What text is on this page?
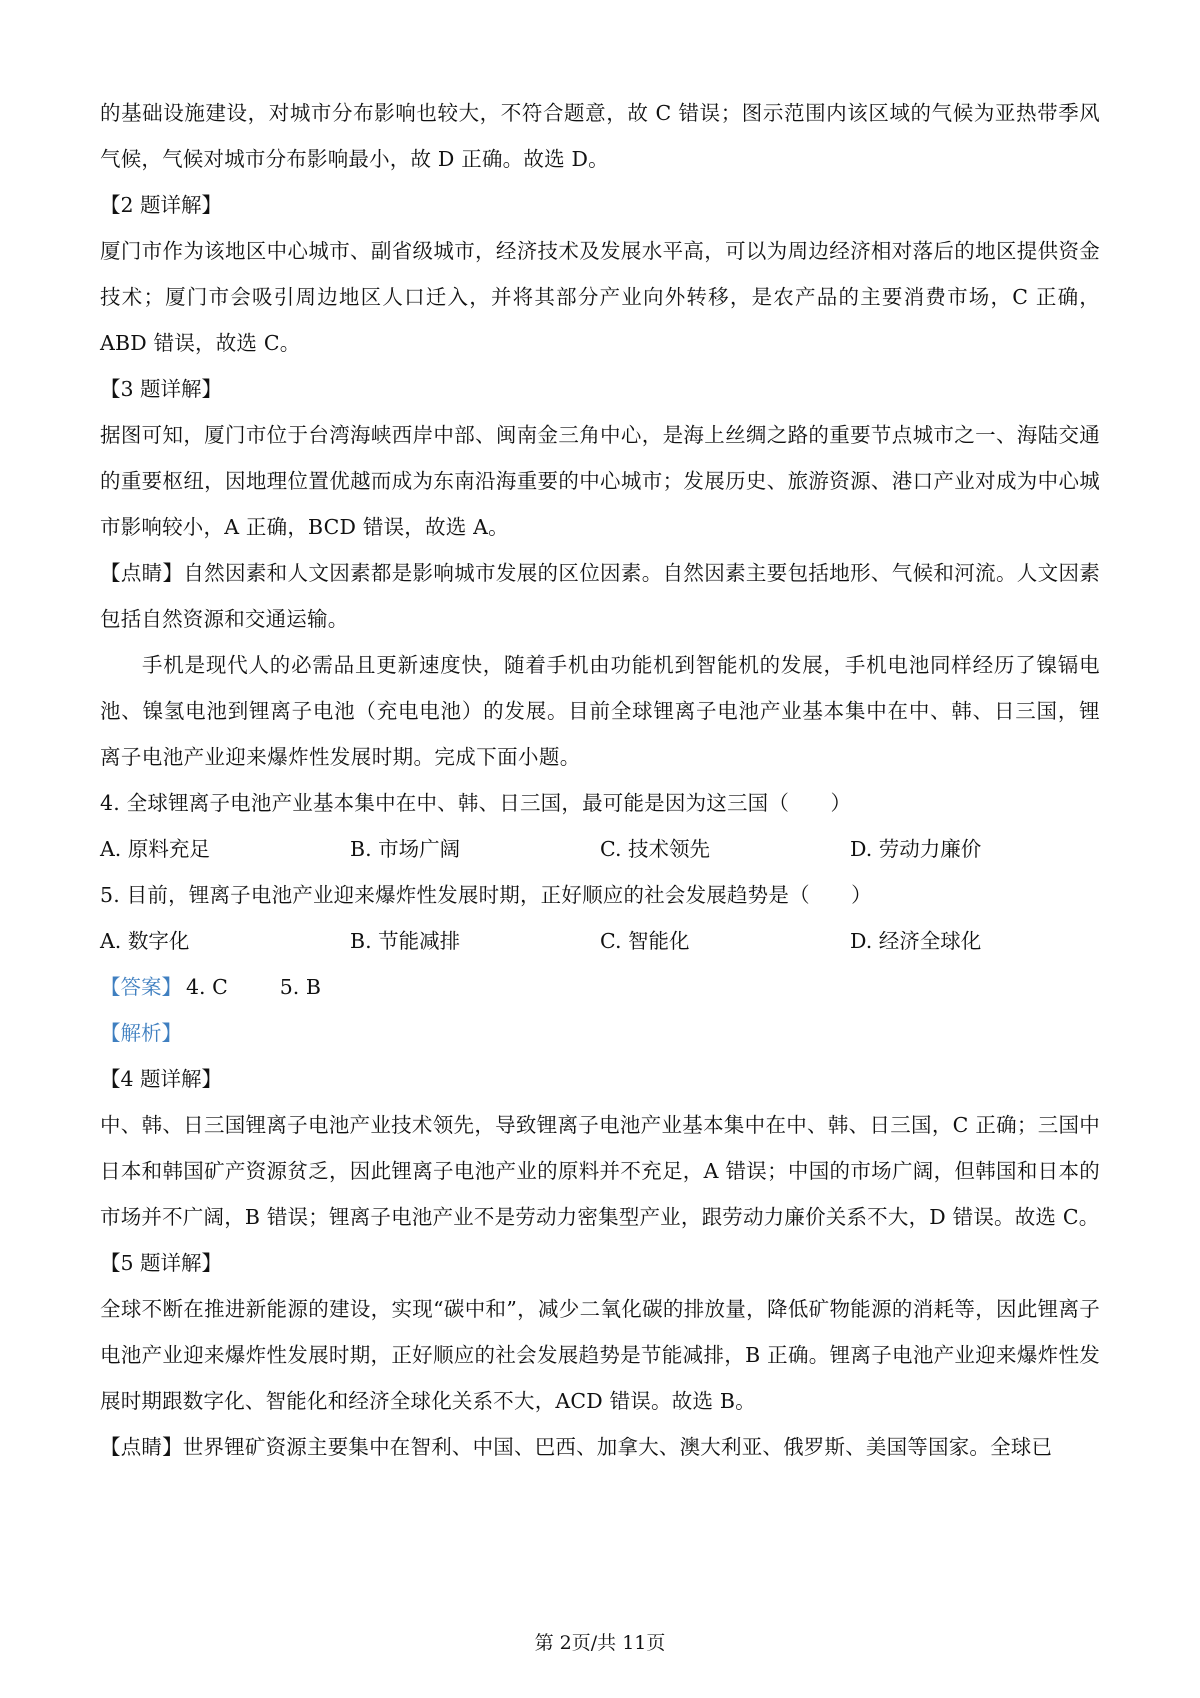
的基础设施建设，对城市分布影响也较大，不符合题意，故 C 错误；图示范围内该区域的气候为亚热带季风气候，气候对城市分布影响最小，故 D 正确。故选 D。

【2 题详解】

厦门市作为该地区中心城市、副省级城市，经济技术及发展水平高，可以为周边经济相对落后的地区提供资金技术；厦门市会吸引周边地区人口迁入，并将其部分产业向外转移，是农产品的主要消费市场，C 正确，ABD 错误，故选 C。

【3 题详解】

据图可知，厦门市位于台湾海峡西岸中部、闽南金三角中心，是海上丝绸之路的重要节点城市之一、海陆交通的重要枢纽，因地理位置优越而成为东南沿海重要的中心城市；发展历史、旅游资源、港口产业对成为中心城市影响较小，A 正确，BCD 错误，故选 A。

【点睛】自然因素和人文因素都是影响城市发展的区位因素。自然因素主要包括地形、气候和河流。人文因素包括自然资源和交通运输。

手机是现代人的必需品且更新速度快，随着手机由功能机到智能机的发展，手机电池同样经历了镍镉电池、镍氢电池到锂离子电池（充电电池）的发展。目前全球锂离子电池产业基本集中在中、韩、日三国，锂离子电池产业迎来爆炸性发展时期。完成下面小题。

4. 全球锂离子电池产业基本集中在中、韩、日三国，最可能是因为这三国（　　）

A. 原料充足	B. 市场广阔	C. 技术领先	D. 劳动力廉价

5. 目前，锂离子电池产业迎来爆炸性发展时期，正好顺应的社会发展趋势是（　　）

A. 数字化	B. 节能减排	C. 智能化	D. 经济全球化
【答案】 4. C	5. B

【解析】

【4 题详解】

中、韩、日三国锂离子电池产业技术领先，导致锂离子电池产业基本集中在中、韩、日三国，C 正确；三国中日本和韩国矿产资源贫乏，因此锂离子电池产业的原料并不充足，A 错误；中国的市场广阔，但韩国和日本的市场并不广阔，B 错误；锂离子电池产业不是劳动力密集型产业，跟劳动力廉价关系不大，D 错误。故选 C。

【5 题详解】

全球不断在推进新能源的建设，实现“碳中和”，减少二氧化碳的排放量，降低矿物能源的消耗等，因此锂离子电池产业迎来爆炸性发展时期，正好顺应的社会发展趋势是节能减排，B 正确。锂离子电池产业迎来爆炸性发展时期跟数字化、智能化和经济全球化关系不大，ACD 错误。故选 B。

【点睛】世界锂矿资源主要集中在智利、中国、巴西、加拿大、澳大利亚、俄罗斯、美国等国家。全球已

第 2页/共 11页
